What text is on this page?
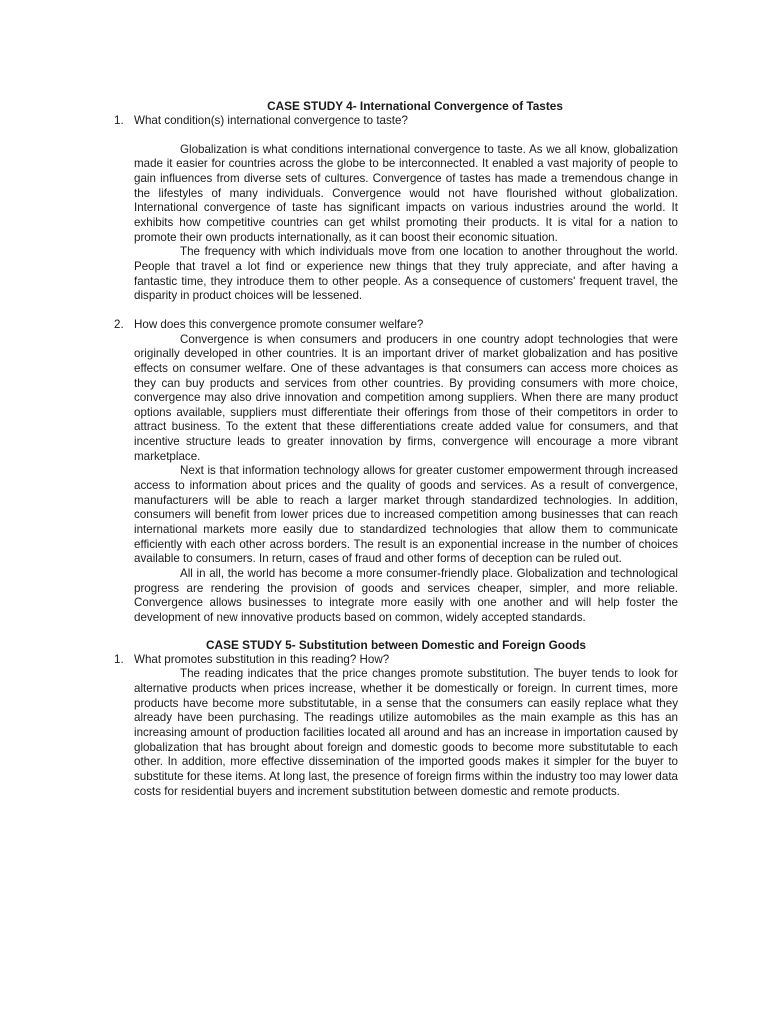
CASE STUDY 4- International Convergence of Tastes
1. What condition(s) international convergence to taste?

Globalization is what conditions international convergence to taste. As we all know, globalization made it easier for countries across the globe to be interconnected. It enabled a vast majority of people to gain influences from diverse sets of cultures. Convergence of tastes has made a tremendous change in the lifestyles of many individuals. Convergence would not have flourished without globalization. International convergence of taste has significant impacts on various industries around the world. It exhibits how competitive countries can get whilst promoting their products. It is vital for a nation to promote their own products internationally, as it can boost their economic situation.

The frequency with which individuals move from one location to another throughout the world. People that travel a lot find or experience new things that they truly appreciate, and after having a fantastic time, they introduce them to other people. As a consequence of customers' frequent travel, the disparity in product choices will be lessened.

2. How does this convergence promote consumer welfare?

Convergence is when consumers and producers in one country adopt technologies that were originally developed in other countries. It is an important driver of market globalization and has positive effects on consumer welfare. One of these advantages is that consumers can access more choices as they can buy products and services from other countries. By providing consumers with more choice, convergence may also drive innovation and competition among suppliers. When there are many product options available, suppliers must differentiate their offerings from those of their competitors in order to attract business. To the extent that these differentiations create added value for consumers, and that incentive structure leads to greater innovation by firms, convergence will encourage a more vibrant marketplace.

Next is that information technology allows for greater customer empowerment through increased access to information about prices and the quality of goods and services. As a result of convergence, manufacturers will be able to reach a larger market through standardized technologies. In addition, consumers will benefit from lower prices due to increased competition among businesses that can reach international markets more easily due to standardized technologies that allow them to communicate efficiently with each other across borders. The result is an exponential increase in the number of choices available to consumers. In return, cases of fraud and other forms of deception can be ruled out.

All in all, the world has become a more consumer-friendly place. Globalization and technological progress are rendering the provision of goods and services cheaper, simpler, and more reliable. Convergence allows businesses to integrate more easily with one another and will help foster the development of new innovative products based on common, widely accepted standards.

CASE STUDY 5- Substitution between Domestic and Foreign Goods
1. What promotes substitution in this reading? How?

The reading indicates that the price changes promote substitution. The buyer tends to look for alternative products when prices increase, whether it be domestically or foreign. In current times, more products have become more substitutable, in a sense that the consumers can easily replace what they already have been purchasing. The readings utilize automobiles as the main example as this has an increasing amount of production facilities located all around and has an increase in importation caused by globalization that has brought about foreign and domestic goods to become more substitutable to each other. In addition, more effective dissemination of the imported goods makes it simpler for the buyer to substitute for these items. At long last, the presence of foreign firms within the industry too may lower data costs for residential buyers and increment substitution between domestic and remote products.
